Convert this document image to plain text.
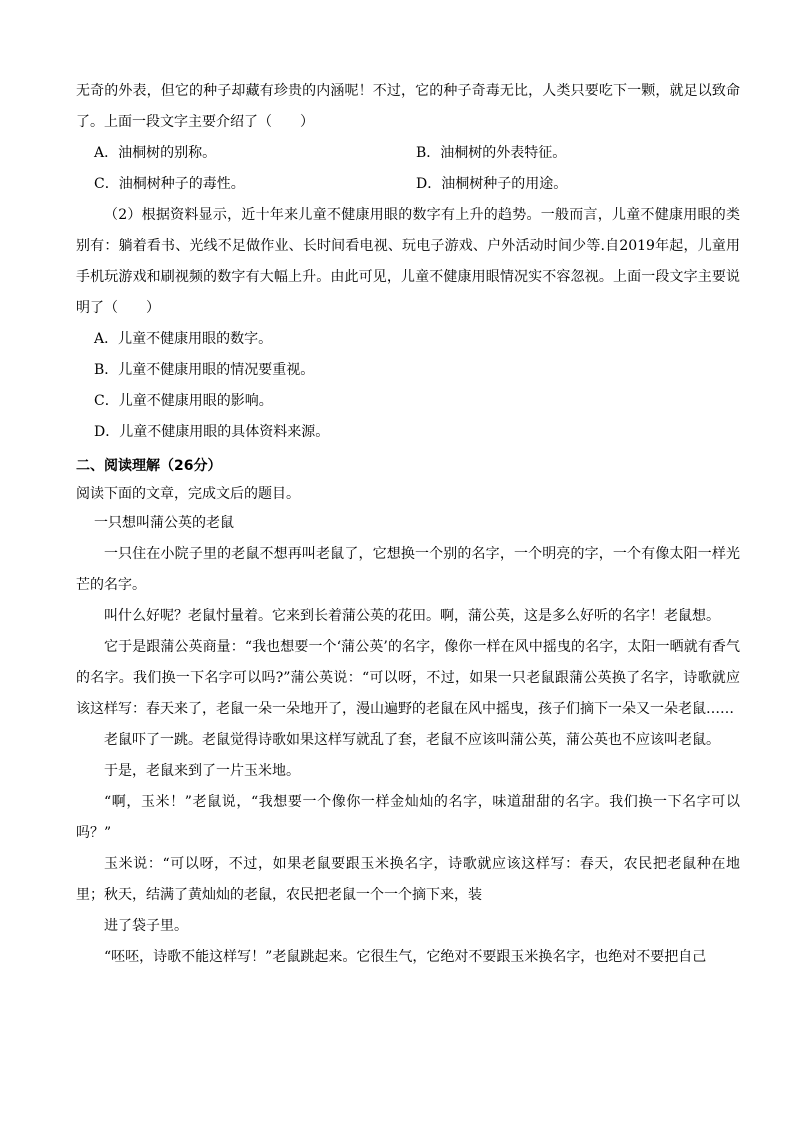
无奇的外表，但它的种子却藏有珍贵的内涵呢！不过，它的种子奇毒无比，人类只要吃下一颗，就足以致命了。上面一段文字主要介绍了（　　）

A．油桐树的别称。	B．油桐树的外表特征。
C．油桐树种子的毒性。	D．油桐树种子的用途。

（2）根据资料显示，近十年来儿童不健康用眼的数字有上升的趋势。一般而言，儿童不健康用眼的类别有：躺着看书、光线不足做作业、长时间看电视、玩电子游戏、户外活动时间少等.自2019年起，儿童用手机玩游戏和刷视频的数字有大幅上升。由此可见，儿童不健康用眼情况实不容忽视。上面一段文字主要说明了（　　）

A．儿童不健康用眼的数字。

B．儿童不健康用眼的情况要重视。

C．儿童不健康用眼的影响。

D．儿童不健康用眼的具体资料来源。

二、阅读理解（26分）

阅读下面的文章，完成文后的题目。

一只想叫蒲公英的老鼠

一只住在小院子里的老鼠不想再叫老鼠了，它想换一个别的名字，一个明亮的字，一个有像太阳一样光芒的名字。

叫什么好呢？老鼠忖量着。它来到长着蒲公英的花田。啊，蒲公英，这是多么好听的名字！老鼠想。

它于是跟蒲公英商量：“我也想要一个‘蒲公英’的名字，像你一样在风中摇曳的名字，太阳一晒就有香气的名字。我们换一下名字可以吗?”蒲公英说：“可以呀，不过，如果一只老鼠跟蒲公英换了名字，诗歌就应该这样写：春天来了，老鼠一朵一朵地开了，漫山遍野的老鼠在风中摇曳，孩子们摘下一朵又一朵老鼠……

老鼠吓了一跳。老鼠觉得诗歌如果这样写就乱了套，老鼠不应该叫蒲公英，蒲公英也不应该叫老鼠。

于是，老鼠来到了一片玉米地。

“啊，玉米！”老鼠说，“我想要一个像你一样金灿灿的名字，味道甜甜的名字。我们换一下名字可以吗？”

玉米说：“可以呀，不过，如果老鼠要跟玉米换名字，诗歌就应该这样写：春天，农民把老鼠种在地里；秋天，结满了黄灿灿的老鼠，农民把老鼠一个一个摘下来，装

进了袋子里。

“呸呸，诗歌不能这样写！”老鼠跳起来。它很生气，它绝对不要跟玉米换名字，也绝对不要把自己
